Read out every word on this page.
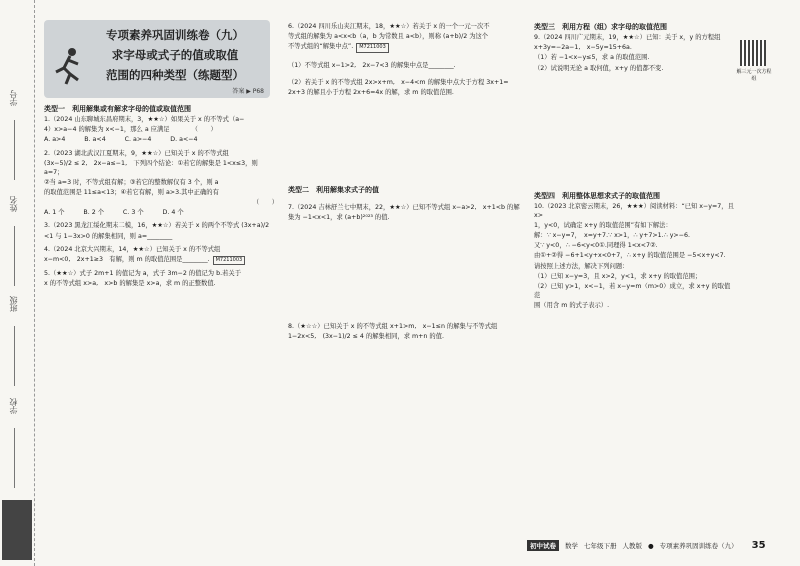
学号
姓名
班级
学校
专项素养巩固训练卷（九）
求字母或式子的值或取值
范围的四种类型（练题型）
答案 ▶ P68

类型一　利用解集或有解求字母的值或取值范围

1.（2024 山东聊城东昌府期末，3，★★☆）如果关于 x 的不等式（a−

4）x>a−4 的解集为 x<−1，那么 a 应满足　　　　（　　）

A. a>4　　　B. a<4　　　C. a>−4　　　D. a<−4

2.（2023 湖北武汉江夏期末，9，★★☆）已知关于 x 的不等式组

(3x−5)/2 ≤ 2,　2x−a≤−1,　下列四个结论：①若它的解集是 1<x≤3，则 a=7；

②当 a=3 时，不等式组有解；③若它的整数解仅有 3 个，则 a

的取值范围是 11≤a<13；④若它有解，则 a>3.其中正确的有

（　　）

A. 1 个　　　B. 2 个　　　C. 3 个　　　D. 4 个

3.（2023 黑龙江绥化期末二模，16，★★☆）若关于 x 的两个不等式 (3x+a)/2

<1 与 1−3x>0 的解集相同，则 a=________

4.（2024 北京大兴期末，14，★★☆）已知关于 x 的不等式组

x−m<0,　2x+1≥3　有解，则 m 的取值范围是________. M7211003

5.（★★☆）式子 2m+1 的值记为 a，式子 3m−2 的值记为 b.若关于

x 的不等式组 x>a,　x>b 的解集是 x>a，求 m 的正整数值.

6.（2024 四川乐山夹江期末，18，★★☆）若关于 x 的一个一元一次不

等式组的解集为 a<x<b（a，b 为常数且 a<b），则称 (a+b)/2 为这个

不等式组的“解集中点”. M7211003

（1）不等式组 x−1>2,　2x−7<3 的解集中点是________.

（2）若关于 x 的不等式组 2x>x+m,　x−4<m 的解集中点大于方程 3x+1=

2x+3 的解且小于方程 2x+6=4x 的解，求 m 的取值范围.

类型二　利用解集求式子的值

7.（2024 吉林舒兰七中期末，22，★★☆）已知不等式组 x−a>2,　x+1<b 的解

集为 −1<x<1，求 (a+b)²⁰²³ 的值.

8.（★☆☆）已知关于 x 的不等式组 x+1>m,　x−1≤n 的解集与不等式组

1−2x<5,　(3x−1)/2 ≤ 4 的解集相同，求 m+n 的值.

类型三　利用方程（组）求字母的取值范围

9.（2024 四川广元期末，19，★★☆）已知：关于 x，y 的方程组

x+3y=−2a−1,　x−5y=15+6a.

（1）若 −1<x−y≤5，求 a 的取值范围.

（2）试说明无论 a 取何值，x+y 的值都不变.

类型四　利用整体思想求式子的取值范围

10.（2023 北京密云期末，26，★★★）阅读材料：“已知 x−y=7，且 x>

1，y<0，试确定 x+y 的取值范围”有如下解法：

解：∵ x−y=7，　x=y+7.∵ x>1，∴ y+7>1.∴ y>−6.

又∵ y<0，∴ −6<y<0①.同理得 1<x<7②.

由①+②得 −6+1<y+x<0+7，∴ x+y 的取值范围是 −5<x+y<7.

请按照上述方法，解决下列问题：

（1）已知 x−y=3，且 x>2，y<1，求 x+y 的取值范围；

（2）已知 y>1，x<−1，若 x−y=m（m>0）成立，求 x+y 的取值范

围（用含 m 的式子表示）.

解三元一次方程组
初中试卷	数学 七年级下册 人教版 ● 专项素养巩固训练卷（九） 35
